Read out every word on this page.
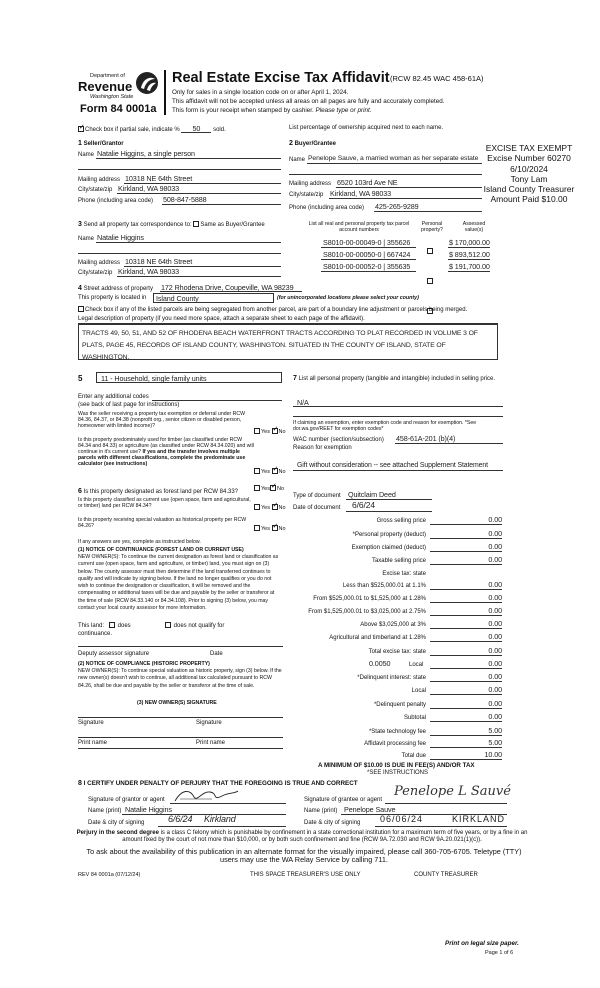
Department of
Revenue
Washington State
Form 84 0001a
Real Estate Excise Tax Affidavit (RCW 82.45 WAC 458-61A)
Only for sales in a single location code on or after April 1, 2024.
This affidavit will not be accepted unless all areas on all pages are fully and accurately completed.
This form is your receipt when stamped by cashier. Please type or print.
EXCISE TAX EXEMPT
Excise Number 60270
6/10/2024
Tony Lam
Island County Treasurer
Amount Paid $10.00
✓Check box if partial sale, indicate % 50 sold.	List percentage of ownership acquired next to each name.
1 Seller/Grantor
Name Natalie Higgins, a single person
Mailing address 10318 NE 64th Street
City/state/zip Kirkland, WA 98033
Phone (including area code) 508-847-5888
2 Buyer/Grantee
Name Penelope Sauve, a married woman as her separate estate
Mailing address 6520 103rd Ave NE
City/state/zip Kirkland, WA 98033
Phone (including area code) 425-265-9289
3 Send all property tax correspondence to: Same as Buyer/Grantee
Name Natalie Higgins
Mailing address 10318 NE 64th Street
City/state/zip Kirkland, WA 98033
List all real and personal property tax parcel account numbers
Personal property?
Assessed value(s)
S8010-00-00049-0 | 355626	$ 170,000.00
S8010-00-00050-0 | 667424	$ 893,512.00
S8010-00-00052-0 | 355635	$ 191,700.00
4 Street address of property 172 Rhodena Drive, Coupeville, WA 98239
This property is located in Island County	(for unincorporated locations please select your county)
Check box if any of the listed parcels are being segregated from another parcel, are part of a boundary line adjustment or parcels being merged.
Legal description of property (if you need more space, attach a separate sheet to each page of the affidavit).
TRACTS 49, 50, 51, AND 52 OF RHODENA BEACH WATERFRONT TRACTS ACCORDING TO PLAT RECORDED IN VOLUME 3 OF PLATS, PAGE 45, RECORDS OF ISLAND COUNTY, WASHINGTON. SITUATED IN THE COUNTY OF ISLAND, STATE OF WASHINGTON.
5	11 - Household, single family units
Enter any additional codes
(see back of last page for instructions)
Was the seller receiving a property tax exemption or deferral under RCW 84.36, 84.37, or 84.38 (nonprofit org., senior citizen or disabled person, homeowner with limited income)?
Yes ✓ No
Is this property predominately used for timber (as classified under RCW 84.34 and 84.33) or agriculture (as classified under RCW 84.34.020) and will continue in it's current use? If yes and the transfer involves multiple parcels with different classifications, complete the predominate use calculator (see instructions)
Yes ✓ No
6 Is this property designated as forest land per RCW 84.33?	Yes ✓ No
Is this property classified as current use (open space, farm and agricultural, or timber) land per RCW 84.34?	Yes ✓ No
Is this property receiving special valuation as historical property per RCW 84.26?	Yes ✓ No
If any answers are yes, complete as instructed below.
(1) NOTICE OF CONTINUANCE (FOREST LAND OR CURRENT USE)
NEW OWNER(S): To continue the current designation as forest land or classification as current use (open space, farm and agriculture, or timber) land, you must sign on (3) below. The county assessor must then determine if the land transferred continues to qualify and will indicate by signing below. If the land no longer qualifies or you do not wish to continue the designation or classification, it will be removed and the compensating or additional taxes will be due and payable by the seller or transferor at the time of sale (RCW 84.33.140 or 84.34.108). Prior to signing (3) below, you may contact your local county assessor for more information.
This land:	does	does not qualify for
continuance.
Deputy assessor signature	Date
(2) NOTICE OF COMPLIANCE (HISTORIC PROPERTY)
NEW OWNER(S): To continue special valuation as historic property, sign (3) below. If the new owner(s) doesn't wish to continue, all additional tax calculated pursuant to RCW 84.26, shall be due and payable by the seller or transferor at the time of sale.
(3) NEW OWNER(S) SIGNATURE
Signature	Signature
Print name	Print name
7 List all personal property (tangible and intangible) included in selling price.
N/A
If claiming an exemption, enter exemption code and reason for exemption. *See dor.wa.gov/REET for exemption codes*
WAC number (section/subsection) 458-61A-201 (b)(4)
Reason for exemption
Gift without consideration -- see attached Supplement Statement
Type of document Quitclaim Deed
Date of document 6/6/24
Gross selling price	0.00
*Personal property (deduct)	0.00
Exemption claimed (deduct)	0.00
Taxable selling price	0.00
Excise tax: state
Less than $525,000.01 at 1.1%	0.00
From $525,000.01 to $1,525,000 at 1.28%	0.00
From $1,525,000.01 to $3,025,000 at 2.75%	0.00
Above $3,025,000 at 3%	0.00
Agricultural and timberland at 1.28%	0.00
Total excise tax: state	0.00
0.0050	Local	0.00
*Delinquent interest: state	0.00
Local	0.00
*Delinquent penalty	0.00
Subtotal	0.00
*State technology fee	5.00
Affidavit processing fee	5.00
Total due	10.00
A MINIMUM OF $10.00 IS DUE IN FEE(S) AND/OR TAX
*SEE INSTRUCTIONS
8 I CERTIFY UNDER PENALTY OF PERJURY THAT THE FOREGOING IS TRUE AND CORRECT
Signature of grantor or agent
Name (print) Natalie Higgins
Date & city of signing	6/6/24 Kirkland
Signature of grantee or agent
Penelope L Sauvé
Name (print) Penelope Sauve
Date & city of signing 06/06/24	KIRKLAND
Perjury in the second degree is a class C felony which is punishable by confinement in a state correctional institution for a maximum term of five years, or by a fine in an amount fixed by the court of not more than $10,000, or by both such confinement and fine (RCW 9A.72.030 and RCW 9A.20.021(1)(c)).
To ask about the availability of this publication in an alternate format for the visually impaired, please call 360-705-6705. Teletype (TTY) users may use the WA Relay Service by calling 711.
REV 84 0001a (07/12/24)	THIS SPACE TREASURER'S USE ONLY	COUNTY TREASURER
Print on legal size paper.
Page 1 of 6
